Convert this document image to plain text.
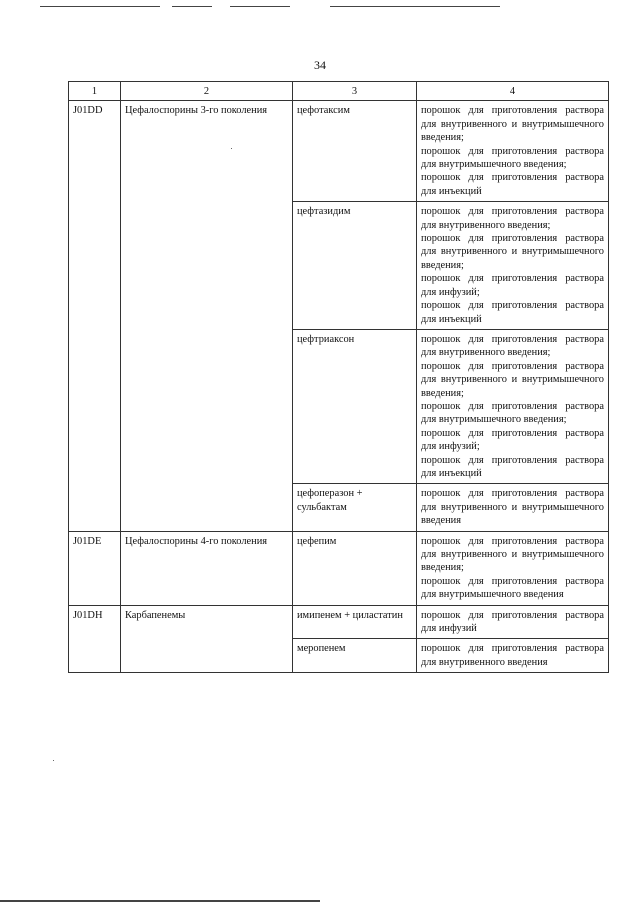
34
1	2	3	4
J01DD	Цефалоспорины 3-го поколения	цефотаксим	порошок для приготовления раствора для внутривенного и внутримышечного введения;
порошок для приготовления раствора для внутримышечного введения;
порошок для приготовления раствора для инъекций

		цефтазидим	порошок для приготовления раствора для внутривенного введения;
порошок для приготовления раствора для внутривенного и внутримышечного введения;
порошок для приготовления раствора для инфузий;
порошок для приготовления раствора для инъекций

		цефтриаксон	порошок для приготовления раствора для внутривенного введения;
порошок для приготовления раствора для внутривенного и внутримышечного введения;
порошок для приготовления раствора для внутримышечного введения;
порошок для приготовления раствора для инфузий;
порошок для приготовления раствора для инъекций

		цефоперазон + сульбактам	порошок для приготовления раствора для внутривенного и внутримышечного введения

J01DE	Цефалоспорины 4-го поколения	цефепим	порошок для приготовления раствора для внутривенного и внутримышечного введения;
порошок для приготовления раствора для внутримышечного введения

J01DH	Карбапенемы	имипенем + циластатин	порошок для приготовления раствора для инфузий

		меропенем	порошок для приготовления раствора для внутривенного введения
